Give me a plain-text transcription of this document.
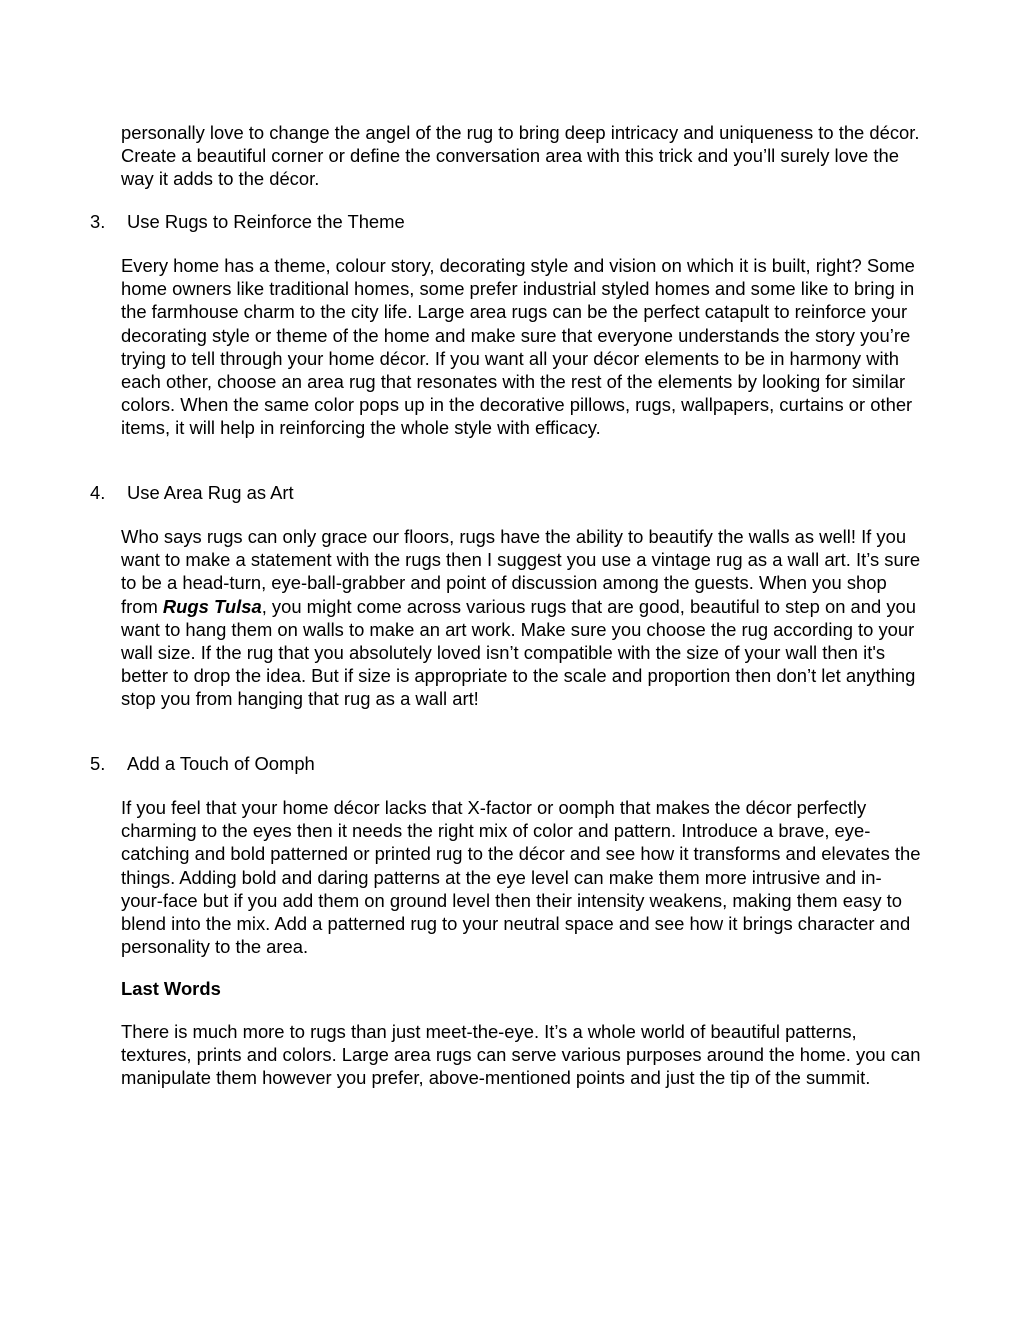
personally love to change the angel of the rug to bring deep intricacy and uniqueness to the décor. Create a beautiful corner or define the conversation area with this trick and you’ll surely love the way it adds to the décor.

3. Use Rugs to Reinforce the Theme

Every home has a theme, colour story, decorating style and vision on which it is built, right? Some home owners like traditional homes, some prefer industrial styled homes and some like to bring in the farmhouse charm to the city life. Large area rugs can be the perfect catapult to reinforce your decorating style or theme of the home and make sure that everyone understands the story you’re trying to tell through your home décor. If you want all your décor elements to be in harmony with each other, choose an area rug that resonates with the rest of the elements by looking for similar colors. When the same color pops up in the decorative pillows, rugs, wallpapers, curtains or other items, it will help in reinforcing the whole style with efficacy.

4. Use Area Rug as Art

Who says rugs can only grace our floors, rugs have the ability to beautify the walls as well! If you want to make a statement with the rugs then I suggest you use a vintage rug as a wall art. It’s sure to be a head-turn, eye-ball-grabber and point of discussion among the guests. When you shop from Rugs Tulsa, you might come across various rugs that are good, beautiful to step on and you want to hang them on walls to make an art work. Make sure you choose the rug according to your wall size. If the rug that you absolutely loved isn’t compatible with the size of your wall then it's better to drop the idea. But if size is appropriate to the scale and proportion then don’t let anything stop you from hanging that rug as a wall art!

5. Add a Touch of Oomph

If you feel that your home décor lacks that X-factor or oomph that makes the décor perfectly charming to the eyes then it needs the right mix of color and pattern. Introduce a brave, eye-catching and bold patterned or printed rug to the décor and see how it transforms and elevates the things. Adding bold and daring patterns at the eye level can make them more intrusive and in-your-face but if you add them on ground level then their intensity weakens, making them easy to blend into the mix. Add a patterned rug to your neutral space and see how it brings character and personality to the area.

Last Words

There is much more to rugs than just meet-the-eye. It’s a whole world of beautiful patterns, textures, prints and colors. Large area rugs can serve various purposes around the home. you can manipulate them however you prefer, above-mentioned points and just the tip of the summit.
